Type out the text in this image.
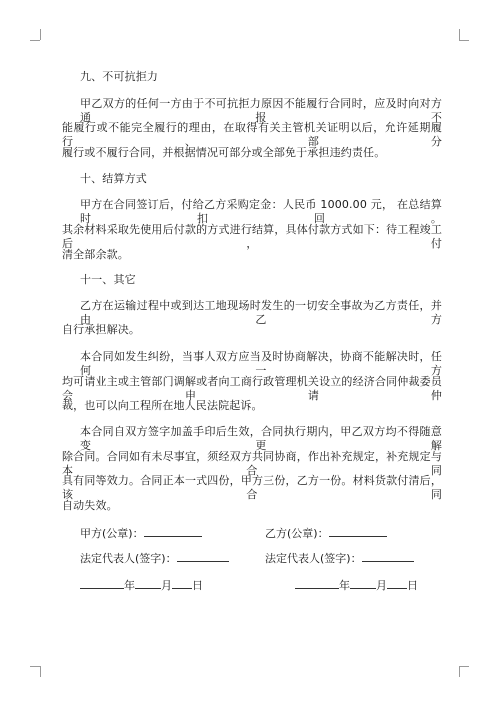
九、不可抗拒力
甲乙双方的任何一方由于不可抗拒力原因不能履行合同时，应及时向对方通报不
能履行或不能完全履行的理由，在取得有关主管机关证明以后，允许延期履行、部分
履行或不履行合同，并根据情况可部分或全部免于承担违约责任。
十、结算方式
甲方在合同签订后，付给乙方采购定金：人民币 1000.00 元， 在总结算时扣回。
其余材料采取先使用后付款的方式进行结算，具体付款方式如下：待工程竣工后，付
清全部余款。
十一、其它
乙方在运输过程中或到达工地现场时发生的一切安全事故为乙方责任，并由乙方
自行承担解决。
本合同如发生纠纷，当事人双方应当及时协商解决，协商不能解决时，任何一方
均可请业主或主管部门调解或者向工商行政管理机关设立的经济合同仲裁委员会申请仲
裁，也可以向工程所在地人民法院起诉。
本合同自双方签字加盖手印后生效，合同执行期内，甲乙双方均不得随意变更解
除合同。合同如有未尽事宜，须经双方共同协商，作出补充规定，补充规定与本合同
具有同等效力。合同正本一式四份，甲方三份，乙方一份。材料货款付清后，该合同
自动失效。
甲方(公章)：	乙方(公章)：
法定代表人(签字)：	法定代表人(签字)：
年 月 日	年 月 日
